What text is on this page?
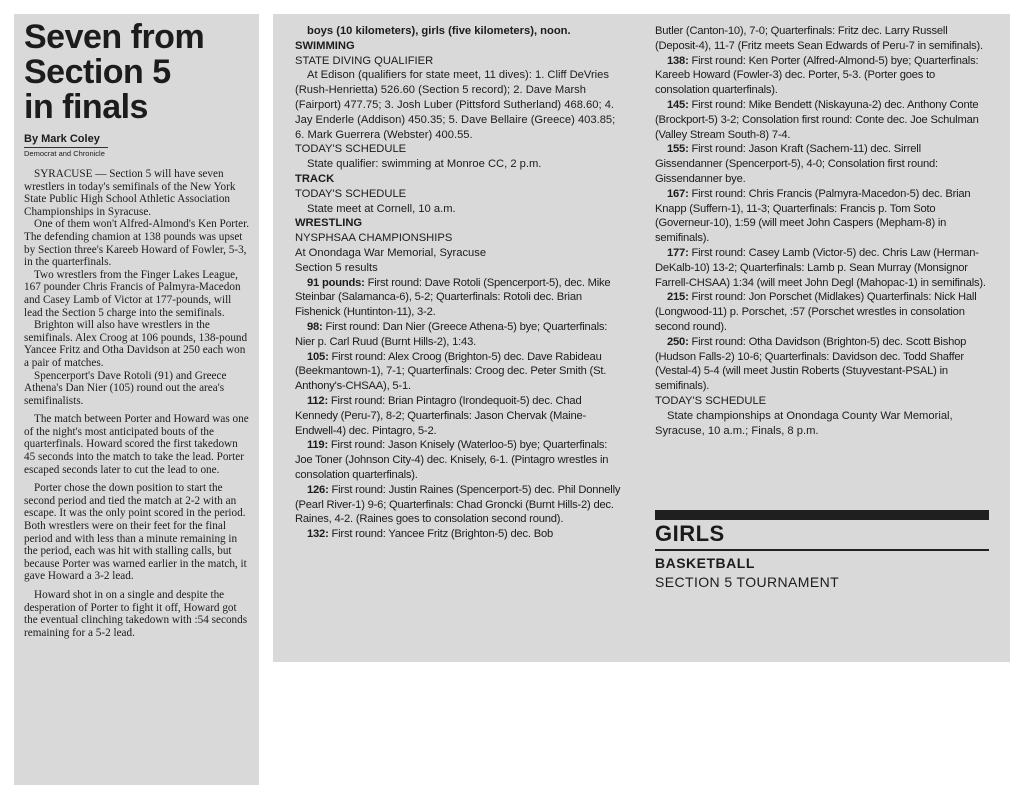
Seven from
Section 5
in finals

By Mark Coley

Democrat and Chronicle

SYRACUSE — Section 5 will have seven wrestlers in today's semifinals of the New York State Public High School Athletic Association Championships in Syracuse.

One of them won't Alfred-Almond's Ken Porter. The defending chamion at 138 pounds was upset by Section three's Kareeb Howard of Fowler, 5-3, in the quarterfinals.

Two wrestlers from the Finger Lakes League, 167 pounder Chris Francis of Palmyra-Macedon and Casey Lamb of Victor at 177-pounds, will lead the Section 5 charge into the semifinals.

Brighton will also have wrestlers in the semifinals. Alex Croog at 106 pounds, 138-pound Yancee Fritz and Otha Davidson at 250 each won a pair of matches.

Spencerport's Dave Rotoli (91) and Greece Athena's Dan Nier (105) round out the area's semifinalists.

The match between Porter and Howard was one of the night's most anticipated bouts of the quarterfinals. Howard scored the first takedown 45 seconds into the match to take the lead. Porter escaped seconds later to cut the lead to one.

Porter chose the down position to start the second period and tied the match at 2-2 with an escape. It was the only point scored in the period. Both wrestlers were on their feet for the final period and with less than a minute remaining in the period, each was hit with stalling calls, but because Porter was warned earlier in the match, it gave Howard a 3-2 lead.

Howard shot in on a single and despite the desperation of Porter to fight it off, Howard got the eventual clinching takedown with :54 seconds remaining for a 5-2 lead.

boys (10 kilometers), girls (five kilometers), noon.

SWIMMING

STATE DIVING QUALIFIER

At Edison (qualifiers for state meet, 11 dives): 1. Cliff DeVries (Rush-Henrietta) 526.60 (Section 5 record); 2. Dave Marsh (Fairport) 477.75; 3. Josh Luber (Pittsford Sutherland) 468.60; 4. Jay Enderle (Addison) 450.35; 5. Dave Bellaire (Greece) 403.85; 6. Mark Guerrera (Webster) 400.55.

TODAY'S SCHEDULE

State qualifier: swimming at Monroe CC, 2 p.m.

TRACK

TODAY'S SCHEDULE

State meet at Cornell, 10 a.m.

WRESTLING

NYSPHSAA CHAMPIONSHIPS

At Onondaga War Memorial, Syracuse

Section 5 results

91 pounds: First round: Dave Rotoli (Spencerport-5), dec. Mike Steinbar (Salamanca-6), 5-2; Quarterfinals: Rotoli dec. Brian Fishenick (Huntinton-11), 3-2.

98: First round: Dan Nier (Greece Athena-5) bye; Quarterfinals: Nier p. Carl Ruud (Burnt Hills-2), 1:43.

105: First round: Alex Croog (Brighton-5) dec. Dave Rabideau (Beekmantown-1), 7-1; Quarterfinals: Croog dec. Peter Smith (St. Anthony's-CHSAA), 5-1.

112: First round: Brian Pintagro (Irondequoit-5) dec. Chad Kennedy (Peru-7), 8-2; Quarterfinals: Jason Chervak (Maine-Endwell-4) dec. Pintagro, 5-2.

119: First round: Jason Knisely (Waterloo-5) bye; Quarterfinals: Joe Toner (Johnson City-4) dec. Knisely, 6-1. (Pintagro wrestles in consolation quarterfinals).

126: First round: Justin Raines (Spencerport-5) dec. Phil Donnelly (Pearl River-1) 9-6; Quarterfinals: Chad Groncki (Burnt Hills-2) dec. Raines, 4-2. (Raines goes to consolation second round).

132: First round: Yancee Fritz (Brighton-5) dec. Bob

Butler (Canton-10), 7-0; Quarterfinals: Fritz dec. Larry Russell (Deposit-4), 11-7 (Fritz meets Sean Edwards of Peru-7 in semifinals).

138: First round: Ken Porter (Alfred-Almond-5) bye; Quarterfinals: Kareeb Howard (Fowler-3) dec. Porter, 5-3. (Porter goes to consolation quarterfinals).

145: First round: Mike Bendett (Niskayuna-2) dec. Anthony Conte (Brockport-5) 3-2; Consolation first round: Conte dec. Joe Schulman (Valley Stream South-8) 7-4.

155: First round: Jason Kraft (Sachem-11) dec. Sirrell Gissendanner (Spencerport-5), 4-0; Consolation first round: Gissendanner bye.

167: First round: Chris Francis (Palmyra-Macedon-5) dec. Brian Knapp (Suffern-1), 11-3; Quarterfinals: Francis p. Tom Soto (Governeur-10), 1:59 (will meet John Caspers (Mepham-8) in semifinals).

177: First round: Casey Lamb (Victor-5) dec. Chris Law (Herman-DeKalb-10) 13-2; Quarterfinals: Lamb p. Sean Murray (Monsignor Farrell-CHSAA) 1:34 (will meet John Degl (Mahopac-1) in semifinals).

215: First round: Jon Porschet (Midlakes) Quarterfinals: Nick Hall (Longwood-11) p. Porschet, :57 (Porschet wrestles in consolation second round).

250: First round: Otha Davidson (Brighton-5) dec. Scott Bishop (Hudson Falls-2) 10-6; Quarterfinals: Davidson dec. Todd Shaffer (Vestal-4) 5-4 (will meet Justin Roberts (Stuyvestant-PSAL) in semifinals).

TODAY'S SCHEDULE

State championships at Onondaga County War Memorial, Syracuse, 10 a.m.; Finals, 8 p.m.

GIRLS
BASKETBALL
SECTION 5 TOURNAMENT
